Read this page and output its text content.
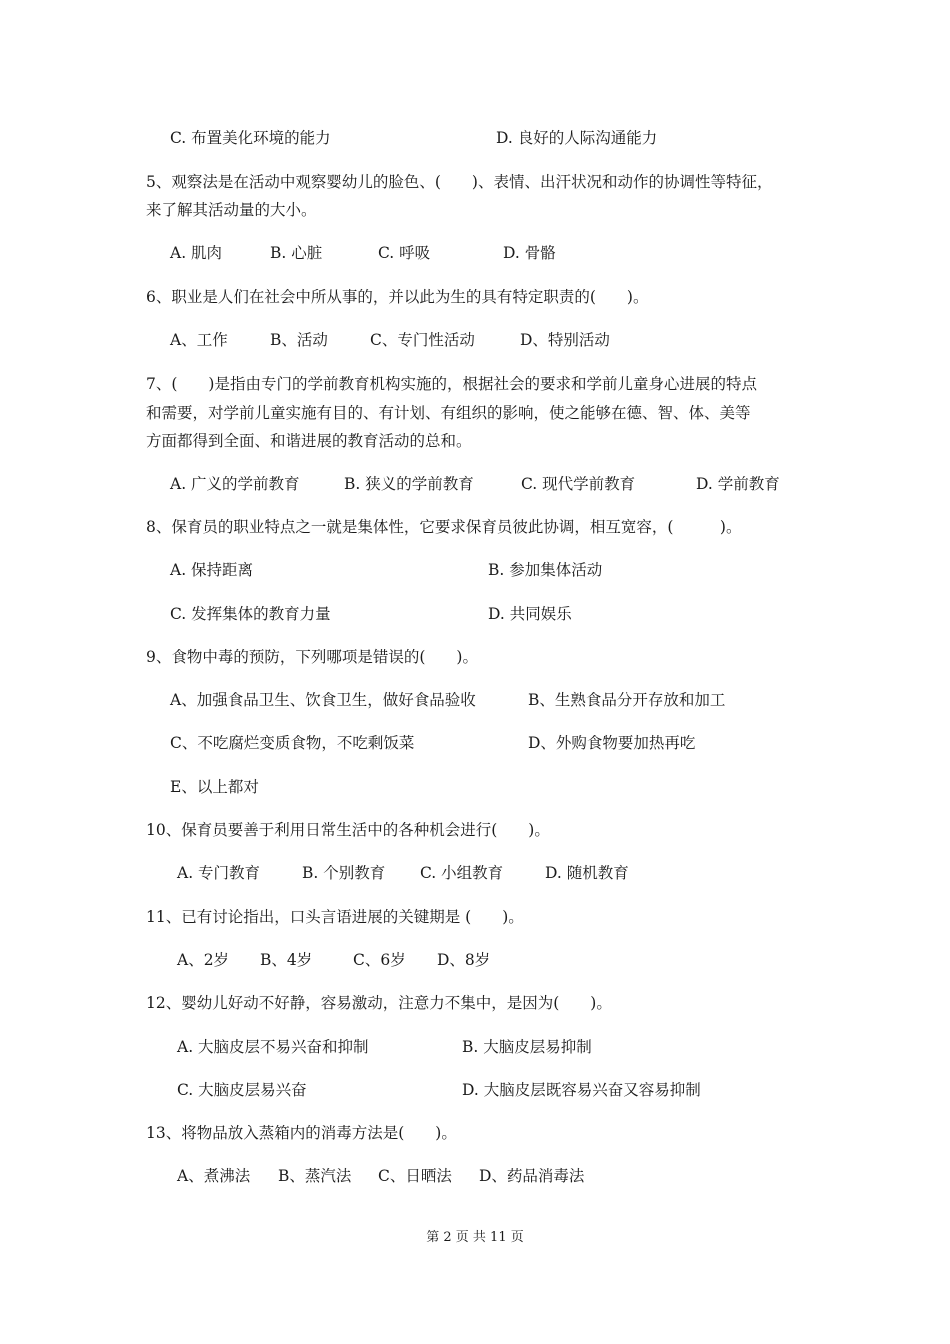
C. 布置美化环境的能力	D. 良好的人际沟通能力
5、观察法是在活动中观察婴幼儿的脸色、(　　)、表情、出汗状况和动作的协调性等特征，
来了解其活动量的大小。
A. 肌肉	B. 心脏	C. 呼吸	D. 骨骼
6、职业是人们在社会中所从事的，并以此为生的具有特定职责的(　　)。
A、工作	B、活动	C、专门性活动	D、特别活动
7、(　　)是指由专门的学前教育机构实施的，根据社会的要求和学前儿童身心进展的特点
和需要，对学前儿童实施有目的、有计划、有组织的影响，使之能够在德、智、体、美等
方面都得到全面、和谐进展的教育活动的总和。
A. 广义的学前教育	B. 狭义的学前教育	C. 现代学前教育	D. 学前教育
8、保育员的职业特点之一就是集体性，它要求保育员彼此协调，相互宽容，(　　　)。
A. 保持距离	B. 参加集体活动
C. 发挥集体的教育力量	D. 共同娱乐
9、食物中毒的预防，下列哪项是错误的(　　)。
A、加强食品卫生、饮食卫生，做好食品验收	B、生熟食品分开存放和加工
C、不吃腐烂变质食物，不吃剩饭菜	D、外购食物要加热再吃
E、以上都对
10、保育员要善于利用日常生活中的各种机会进行(　　)。
A. 专门教育	B. 个别教育 C. 小组教育	D. 随机教育
11、已有讨论指出，口头言语进展的关键期是 (　　)。
A、2岁 B、4岁	C、6岁 D、8岁
12、婴幼儿好动不好静，容易激动，注意力不集中，是因为(　　)。
A. 大脑皮层不易兴奋和抑制	B. 大脑皮层易抑制
C. 大脑皮层易兴奋	D. 大脑皮层既容易兴奋又容易抑制
13、将物品放入蒸箱内的消毒方法是(　　)。
A、煮沸法 B、蒸汽法 C、日晒法 D、药品消毒法
第 2 页 共 11 页
